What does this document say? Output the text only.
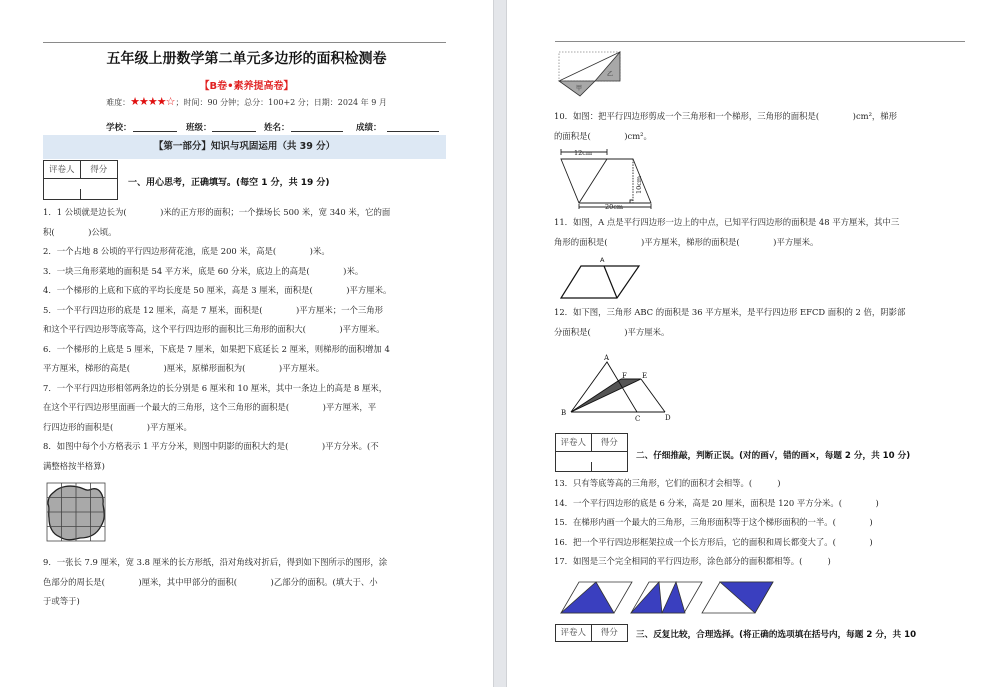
五年级上册数学第二单元多边形的面积检测卷
【B卷•素养提高卷】
难度：★★★★☆；时间：90 分钟；总分：100+2 分；日期：2024 年 9 月
学校：	班级：	姓名：	成绩：
【第一部分】知识与巩固运用（共 39 分）
评卷人	得分
一、用心思考，正确填写。(每空 1 分，共 19 分)
1．1 公顷就是边长为(　　　　)米的正方形的面积；一个操场长 500 米，宽 340 米，它的面
积(　　　　)公顷。
2．一个占地 8 公顷的平行四边形荷花池，底是 200 米，高是(　　　　)米。
3．一块三角形菜地的面积是 54 平方米，底是 60 分米，底边上的高是(　　　　)米。
4．一个梯形的上底和下底的平均长度是 50 厘米，高是 3 厘米，面积是(　　　　)平方厘米。
5．一个平行四边形的底是 12 厘米，高是 7 厘米，面积是(　　　　)平方厘米；一个三角形
和这个平行四边形等底等高，这个平行四边形的面积比三角形的面积大(　　　　)平方厘米。
6．一个梯形的上底是 5 厘米，下底是 7 厘米，如果把下底延长 2 厘米，则梯形的面积增加 4
平方厘米，梯形的高是(　　　　)厘米，原梯形面积为(　　　　)平方厘米。
7．一个平行四边形相邻两条边的长分别是 6 厘米和 10 厘米，其中一条边上的高是 8 厘米，
在这个平行四边形里面画一个最大的三角形，这个三角形的面积是(　　　　)平方厘米，平
行四边形的面积是(　　　　)平方厘米。
8．如图中每个小方格表示 1 平方分米，则图中阴影的面积大约是(　　　　)平方分米。(不
满整格按半格算)
9．一张长 7.9 厘米，宽 3.8 厘米的长方形纸，沿对角线对折后，得到如下图所示的图形，涂
色部分的周长是(　　　　)厘米，其中甲部分的面积(　　　　)乙部分的面积。(填大于、小
于或等于)
甲
乙
10．如图：把平行四边形剪成一个三角形和一个梯形，三角形的面积是(　　　　)cm²，梯形
的面积是(　　　　)cm²。
12cm
20cm
10cm
11．如图，A 点是平行四边形一边上的中点，已知平行四边形的面积是 48 平方厘米，其中三
角形的面积是(　　　　)平方厘米，梯形的面积是(　　　　)平方厘米。
A
12．如下图，三角形 ABC 的面积是 36 平方厘米，是平行四边形 EFCD 面积的 2 倍，阴影部
分面积是(　　　　)平方厘米。
A
B
C	D
E
F
评卷人	得分
二、仔细推敲，判断正误。(对的画√，错的画×，每题 2 分，共 10 分)
13．只有等底等高的三角形，它们的面积才会相等。(　　　)
14．一个平行四边形的底是 6 分米，高是 20 厘米，面积是 120 平方分米。(　　　　)
15．在梯形内画一个最大的三角形，三角形面积等于这个梯形面积的一半。(　　　　)
16．把一个平行四边形框架拉成一个长方形后，它的面积和周长都变大了。(　　　　)
17．如图是三个完全相同的平行四边形，涂色部分的面积都相等。(　　　)
评卷人	得分	三、反复比较，合理选择。(将正确的选项填在括号内，每题 2 分，共 10
